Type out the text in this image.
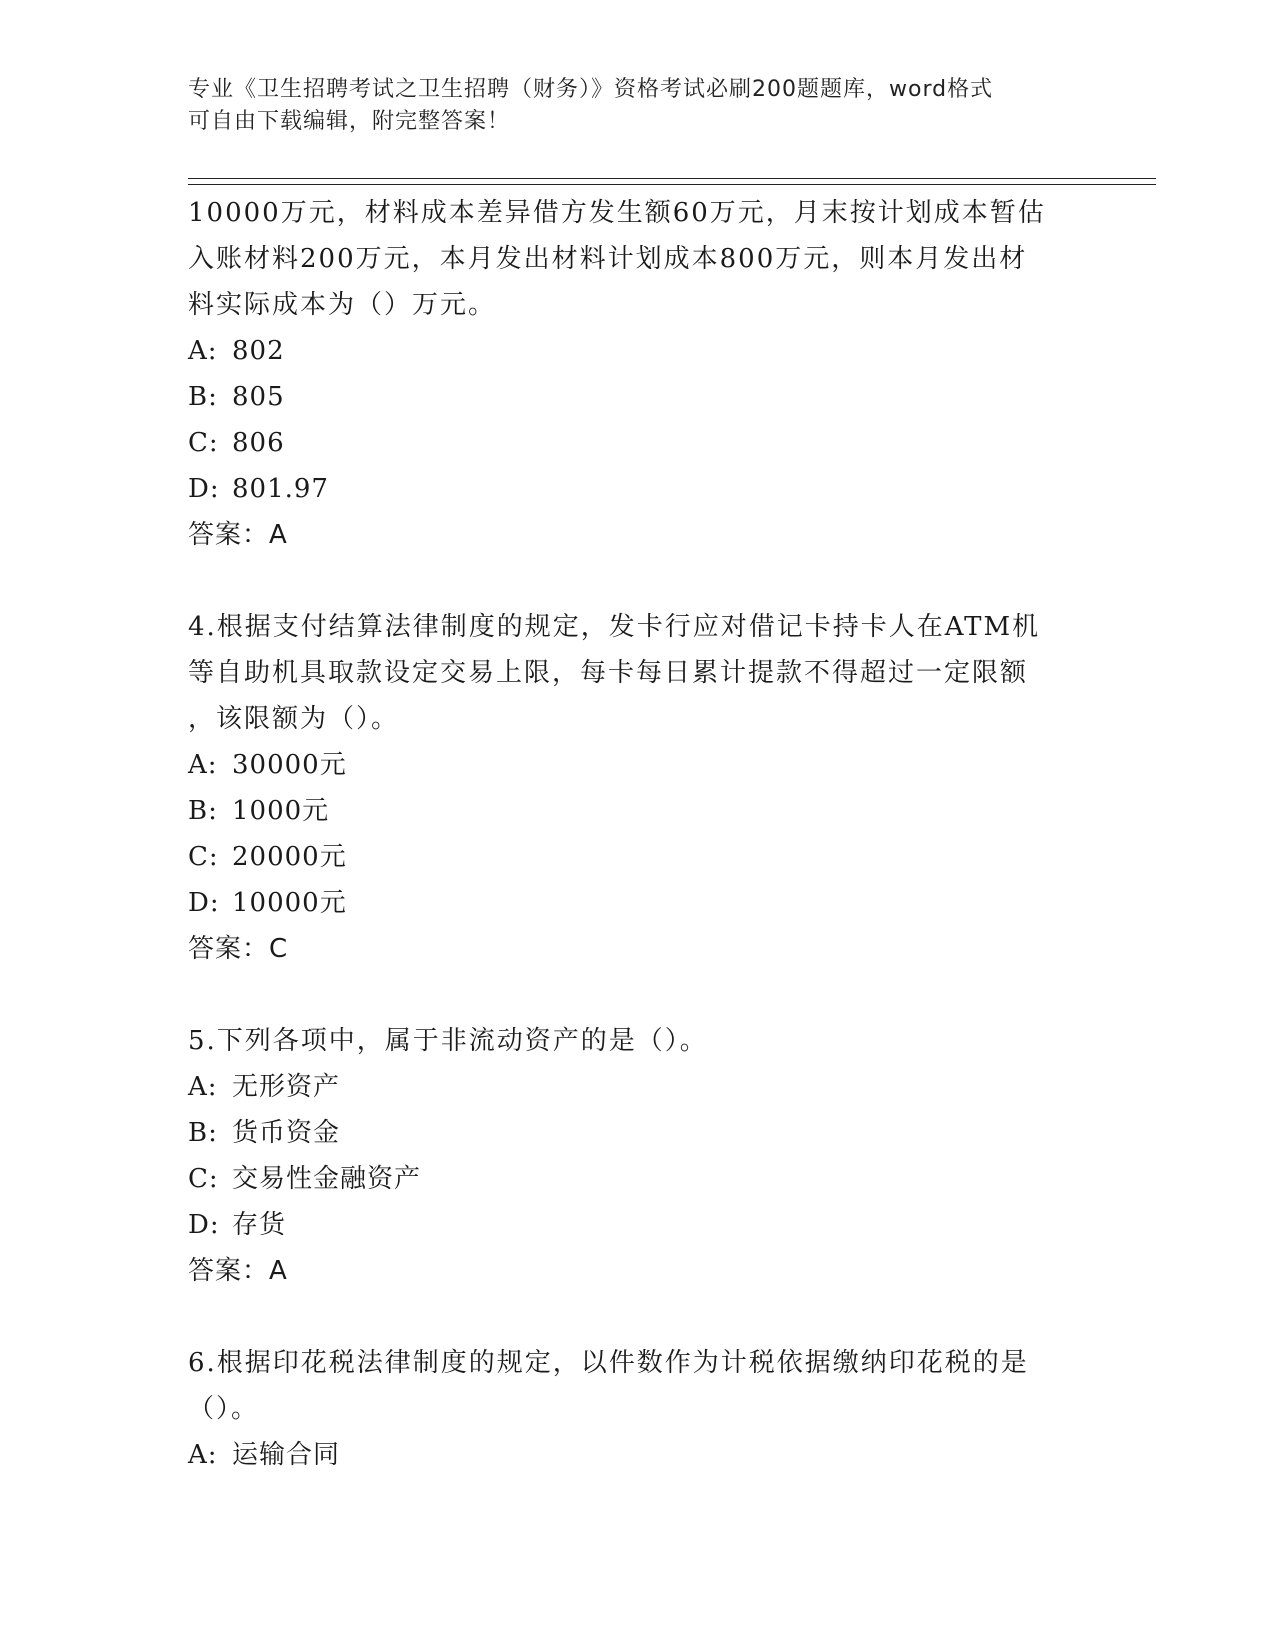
专业《卫生招聘考试之卫生招聘（财务）》资格考试必刷200题题库，word格式
可自由下载编辑，附完整答案！
10000万元，材料成本差异借方发生额60万元，月末按计划成本暂估
入账材料200万元，本月发出材料计划成本800万元，则本月发出材
料实际成本为（）万元。
A: 802
B: 805
C: 806
D: 801.97
答案：A
4.根据支付结算法律制度的规定，发卡行应对借记卡持卡人在ATM机
等自助机具取款设定交易上限，每卡每日累计提款不得超过一定限额
，该限额为（）。
A: 30000元
B: 1000元
C: 20000元
D: 10000元
答案：C
5.下列各项中，属于非流动资产的是（）。
A: 无形资产
B: 货币资金
C: 交易性金融资产
D: 存货
答案：A
6.根据印花税法律制度的规定，以件数作为计税依据缴纳印花税的是
（）。
A: 运输合同
